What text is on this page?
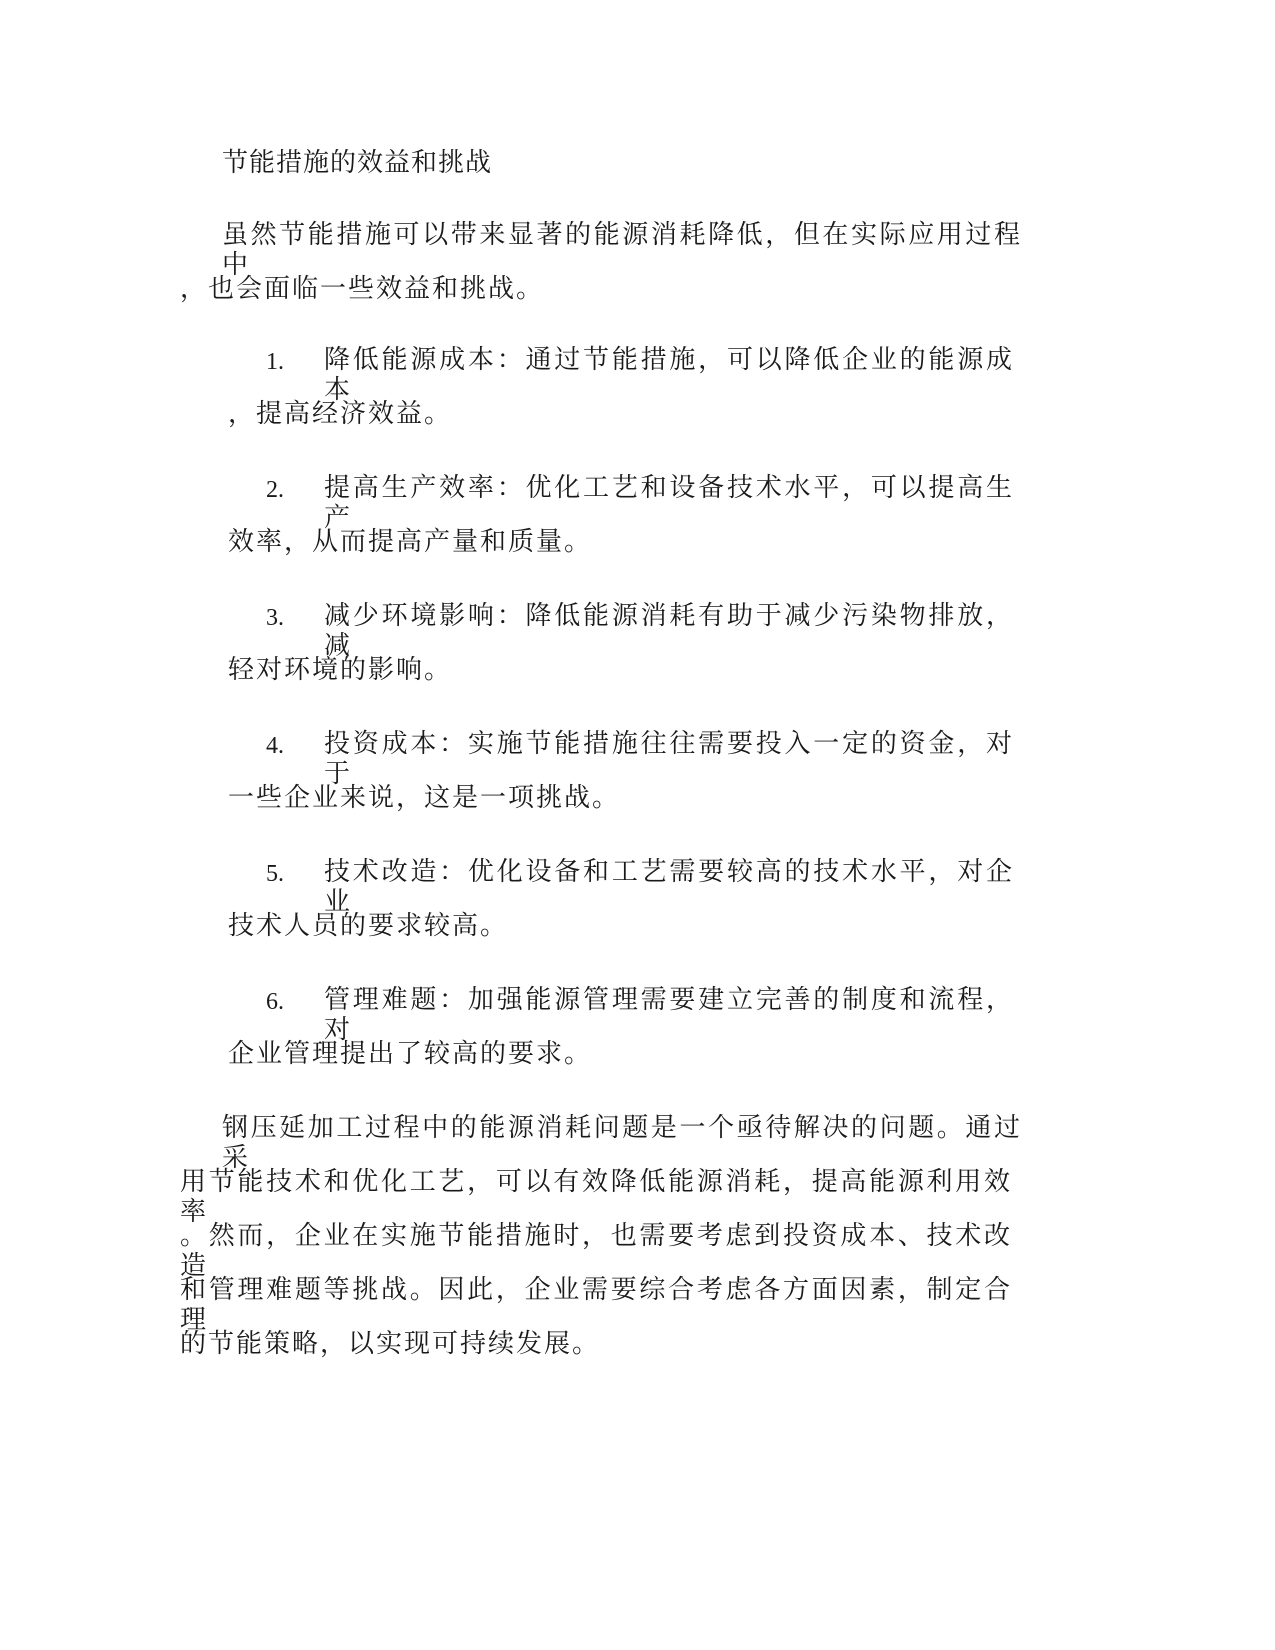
节能措施的效益和挑战
虽然节能措施可以带来显著的能源消耗降低，但在实际应用过程中
，也会面临一些效益和挑战。
1. 降低能源成本：通过节能措施，可以降低企业的能源成本
，提高经济效益。
2. 提高生产效率：优化工艺和设备技术水平，可以提高生产
效率，从而提高产量和质量。
3. 减少环境影响：降低能源消耗有助于减少污染物排放，减
轻对环境的影响。
4. 投资成本：实施节能措施往往需要投入一定的资金，对于
一些企业来说，这是一项挑战。
5. 技术改造：优化设备和工艺需要较高的技术水平，对企业
技术人员的要求较高。
6. 管理难题：加强能源管理需要建立完善的制度和流程，对
企业管理提出了较高的要求。
钢压延加工过程中的能源消耗问题是一个亟待解决的问题。通过采
用节能技术和优化工艺，可以有效降低能源消耗，提高能源利用效率
。然而，企业在实施节能措施时，也需要考虑到投资成本、技术改造
和管理难题等挑战。因此，企业需要综合考虑各方面因素，制定合理
的节能策略，以实现可持续发展。
